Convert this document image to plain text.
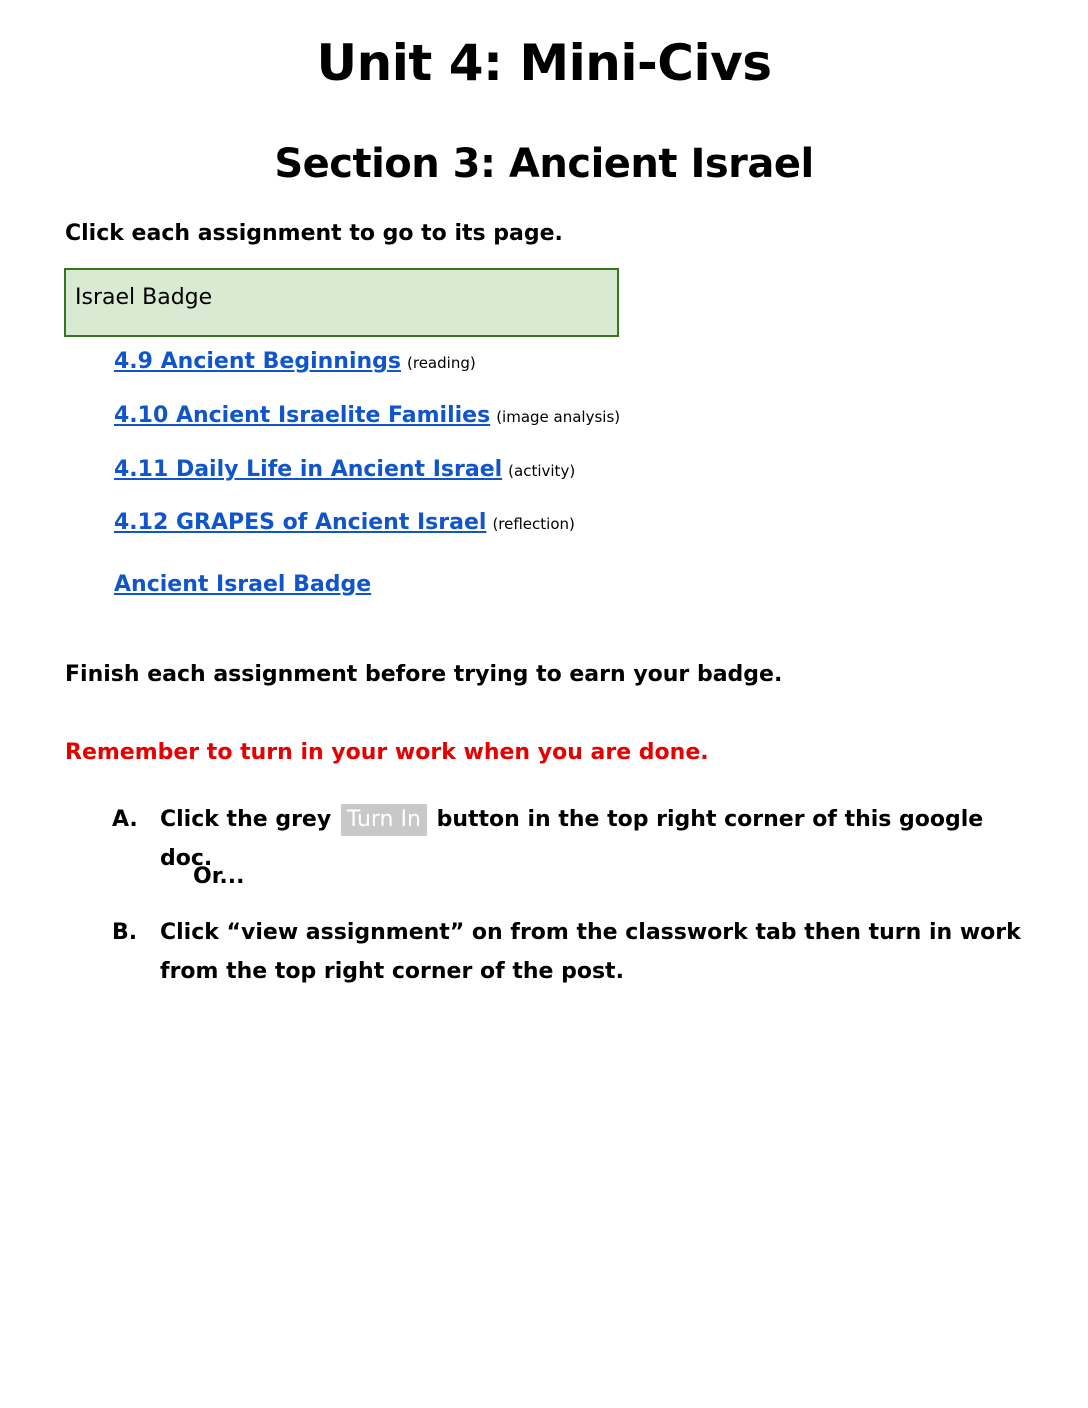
Unit 4: Mini-Civs
Section 3: Ancient Israel
Click each assignment to go to its page.
Israel Badge
4.9 Ancient Beginnings (reading)
4.10 Ancient Israelite Families (image analysis)
4.11 Daily Life in Ancient Israel (activity)
4.12 GRAPES of Ancient Israel (reflection)
Ancient Israel Badge
Finish each assignment before trying to earn your badge.
Remember to turn in your work when you are done.
A. Click the grey Turn In button in the top right corner of this google doc.
Or...
B. Click “view assignment” on from the classwork tab then turn in work from the top right corner of the post.
